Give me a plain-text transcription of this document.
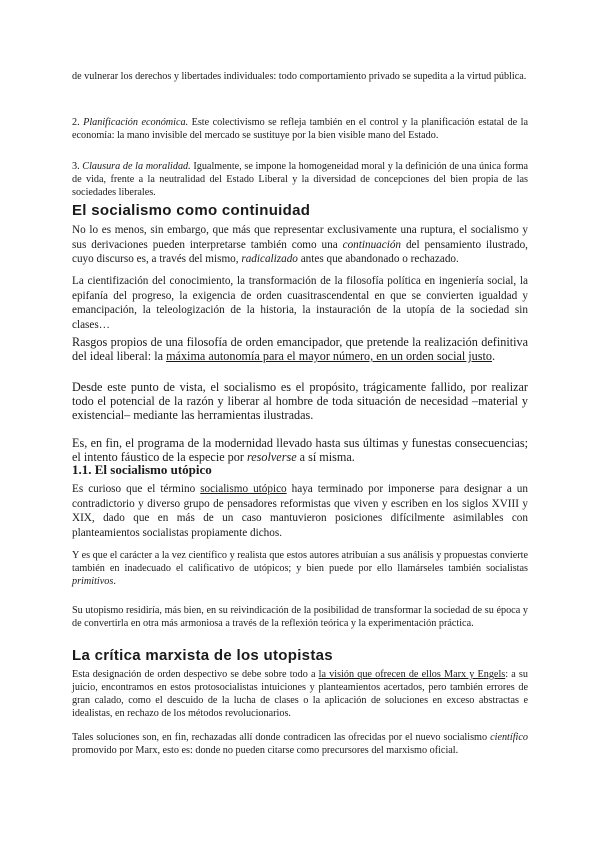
de vulnerar los derechos y libertades individuales: todo comportamiento privado se supedita a la virtud pública.

2. Planificación económica. Este colectivismo se refleja también en el control y la planificación estatal de la economía: la mano invisible del mercado se sustituye por la bien visible mano del Estado.

3. Clausura de la moralidad. Igualmente, se impone la homogeneidad moral y la definición de una única forma de vida, frente a la neutralidad del Estado Liberal y la diversidad de concepciones del bien propia de las sociedades liberales.

El socialismo como continuidad

No lo es menos, sin embargo, que más que representar exclusivamente una ruptura, el socialismo y sus derivaciones pueden interpretarse también como una continuación del pensamiento ilustrado, cuyo discurso es, a través del mismo, radicalizado antes que abandonado o rechazado.

La cientifización del conocimiento, la transformación de la filosofía política en ingeniería social, la epifanía del progreso, la exigencia de orden cuasitrascendental en que se convierten igualdad y emancipación, la teleologización de la historia, la instauración de la utopía de la sociedad sin clases…

Rasgos propios de una filosofía de orden emancipador, que pretende la realización definitiva del ideal liberal: la máxima autonomía para el mayor número, en un orden social justo.

Desde este punto de vista, el socialismo es el propósito, trágicamente fallido, por realizar todo el potencial de la razón y liberar al hombre de toda situación de necesidad –material y existencial– mediante las herramientas ilustradas.

Es, en fin, el programa de la modernidad llevado hasta sus últimas y funestas consecuencias; el intento fáustico de la especie por resolverse a sí misma.

1.1. El socialismo utópico

Es curioso que el término socialismo utópico haya terminado por imponerse para designar a un contradictorio y diverso grupo de pensadores reformistas que viven y escriben en los siglos XVIII y XIX, dado que en más de un caso mantuvieron posiciones difícilmente asimilables con planteamientos socialistas propiamente dichos.

Y es que el carácter a la vez científico y realista que estos autores atribuían a sus análisis y propuestas convierte también en inadecuado el calificativo de utópicos; y bien puede por ello llamárseles también socialistas primitivos.

Su utopismo residiría, más bien, en su reivindicación de la posibilidad de transformar la sociedad de su época y de convertirla en otra más armoniosa a través de la reflexión teórica y la experimentación práctica.

La crítica marxista de los utopistas

Esta designación de orden despectivo se debe sobre todo a la visión que ofrecen de ellos Marx y Engels: a su juicio, encontramos en estos protosocialistas intuiciones y planteamientos acertados, pero también errores de gran calado, como el descuido de la lucha de clases o la aplicación de soluciones en exceso abstractas e idealistas, en rechazo de los métodos revolucionarios.

Tales soluciones son, en fin, rechazadas allí donde contradicen las ofrecidas por el nuevo socialismo científico promovido por Marx, esto es: donde no pueden citarse como precursores del marxismo oficial.
